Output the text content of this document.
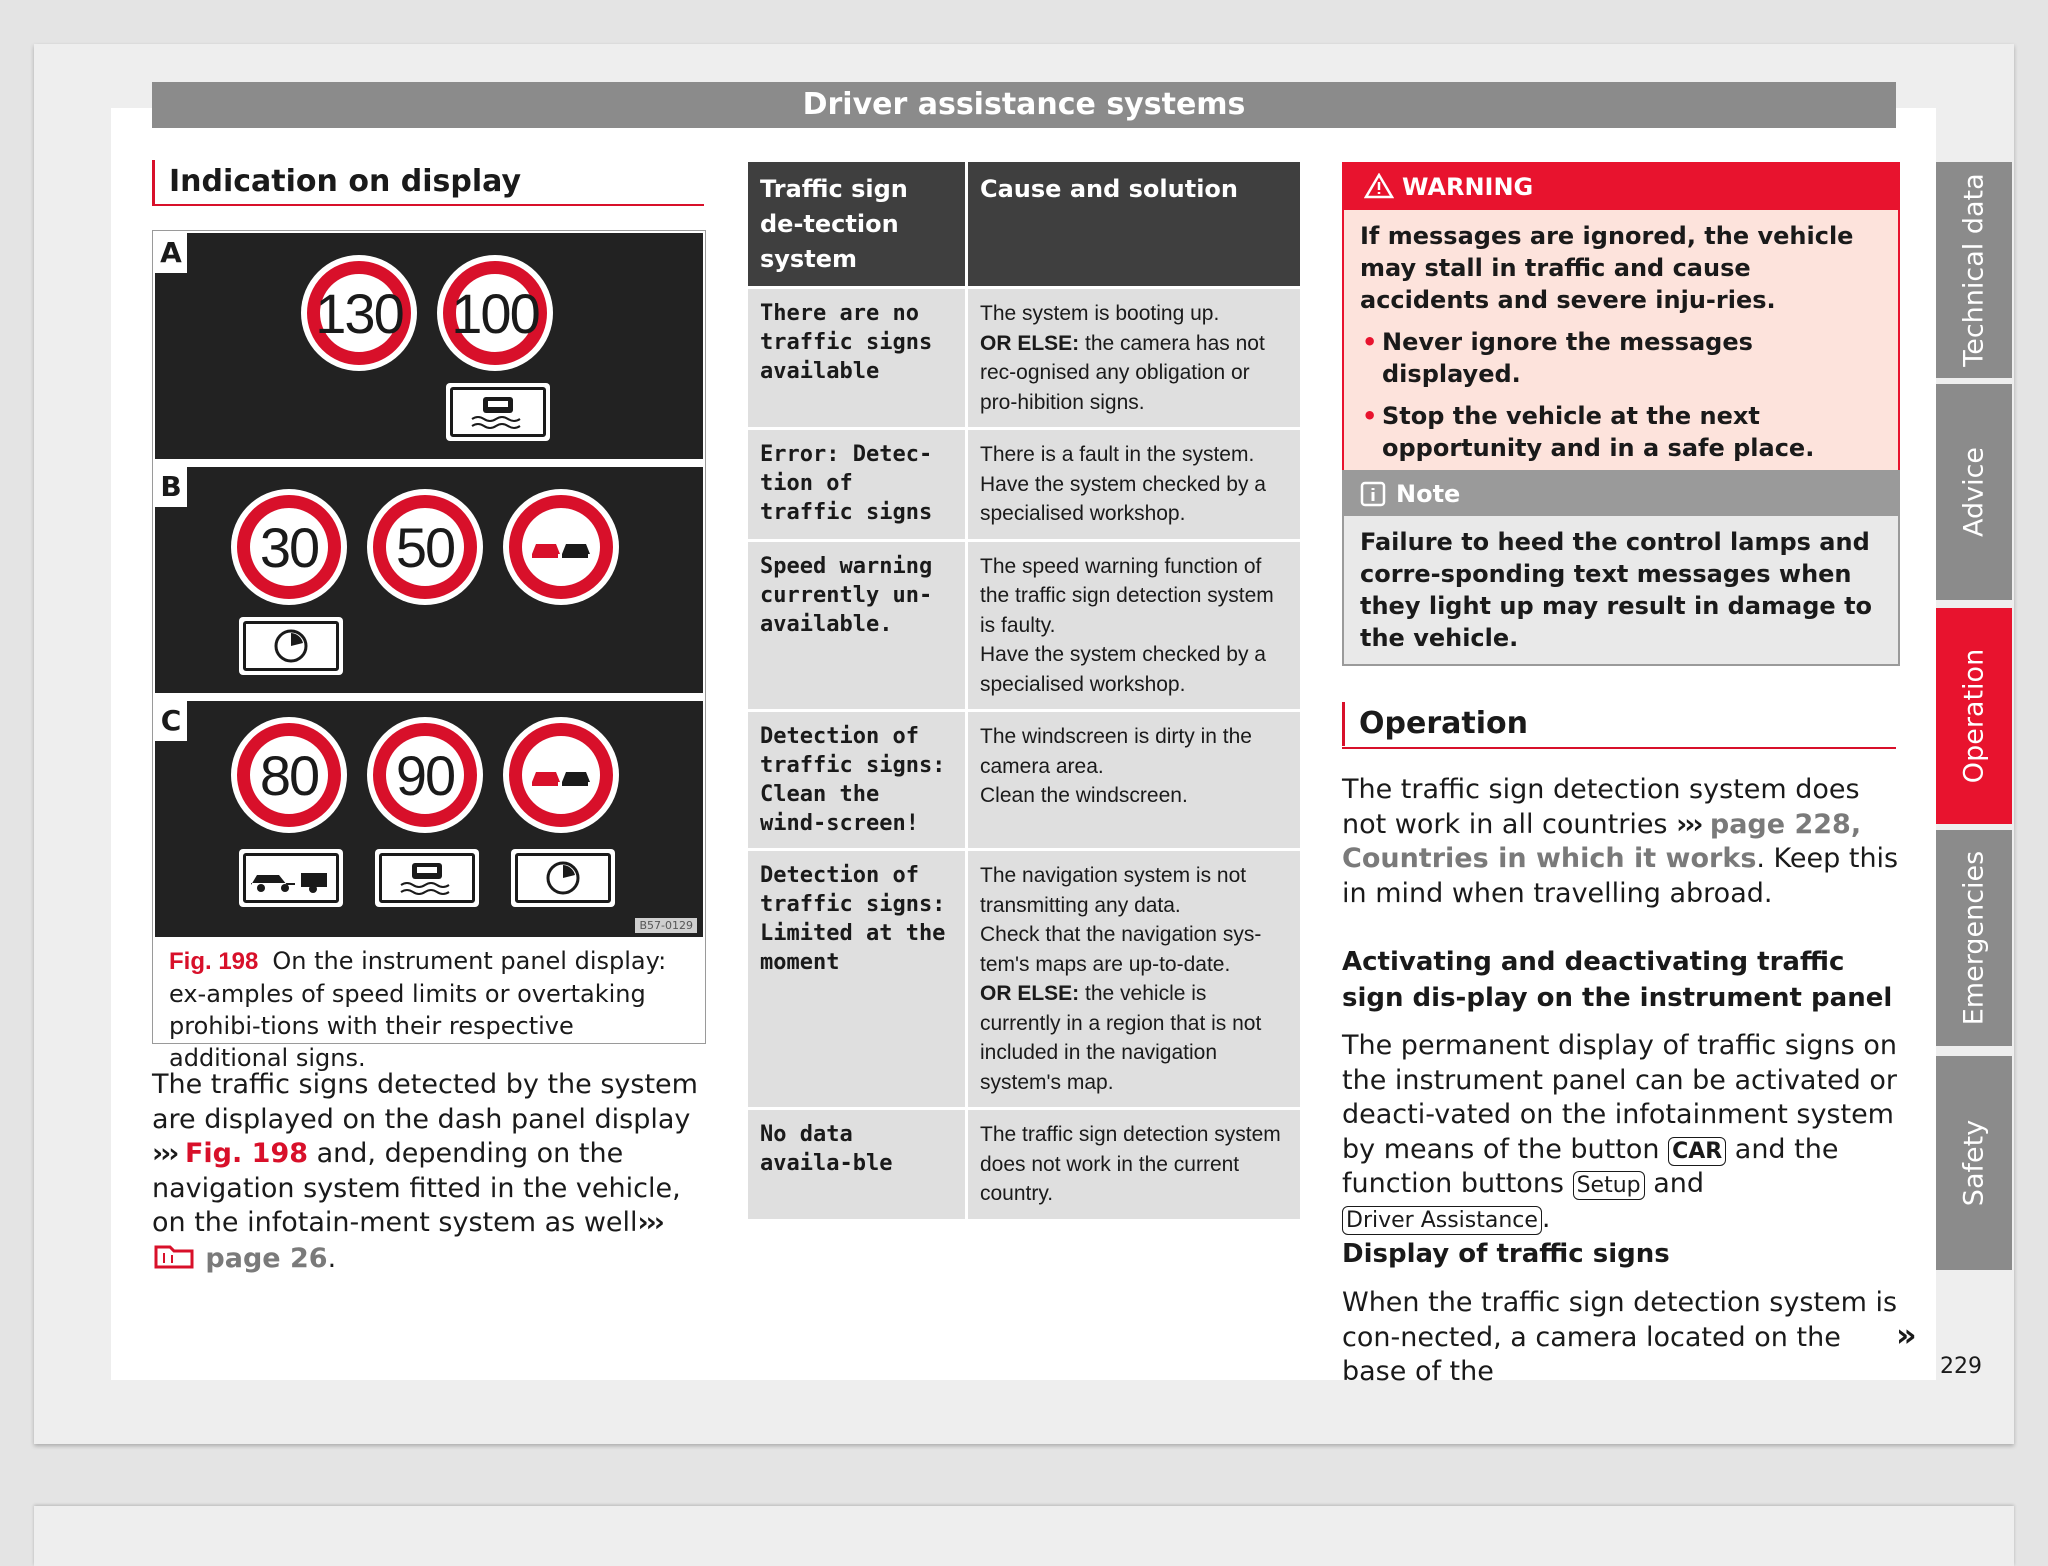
Driver assistance systems
Indication on display
A
130 100
B
30	50
C
80	90
B57-0129
Fig. 198 On the instrument panel display: ex-amples of speed limits or overtaking prohibi-tions with their respective additional signs.
The traffic signs detected by the system are displayed on the dash panel display
››› Fig. 198 and, depending on the navigation system fitted in the vehicle, on the infotain-ment system as well›››  page 26.
Traffic sign de-tection system
Cause and solution
There are no traffic signs available
The system is booting up.
OR ELSE: the camera has not rec-ognised any obligation or pro-hibition signs.
Error: Detec-tion of traffic signs
There is a fault in the system.
Have the system checked by a specialised workshop.
Speed warning currently un-available.
The speed warning function of the traffic sign detection system is faulty.
Have the system checked by a specialised workshop.
Detection of traffic signs: Clean the wind-screen!
The windscreen is dirty in the camera area.
Clean the windscreen.
Detection of traffic signs: Limited at the moment
The navigation system is not transmitting any data.
Check that the navigation sys-tem's maps are up-to-date.
OR ELSE: the vehicle is currently in a region that is not included in the navigation system's map.
No data availa-ble
The traffic sign detection system does not work in the current country.
WARNING
If messages are ignored, the vehicle may stall in traffic and cause accidents and severe inju-ries.
• Never ignore the messages displayed.
• Stop the vehicle at the next opportunity and in a safe place.
Note
Failure to heed the control lamps and corre-sponding text messages when they light up may result in damage to the vehicle.
Operation
The traffic sign detection system does not work in all countries ››› page 228, Countries in which it works. Keep this in mind when travelling abroad.
Activating and deactivating traffic sign dis-play on the instrument panel
The permanent display of traffic signs on the instrument panel can be activated or deacti-vated on the infotainment system by means of the button CAR and the function buttons Setup and Driver Assistance .
Display of traffic signs
When the traffic sign detection system is con-nected, a camera located on the base of the
»
Technical data
Advice
Operation
Emergencies
Safety
229
